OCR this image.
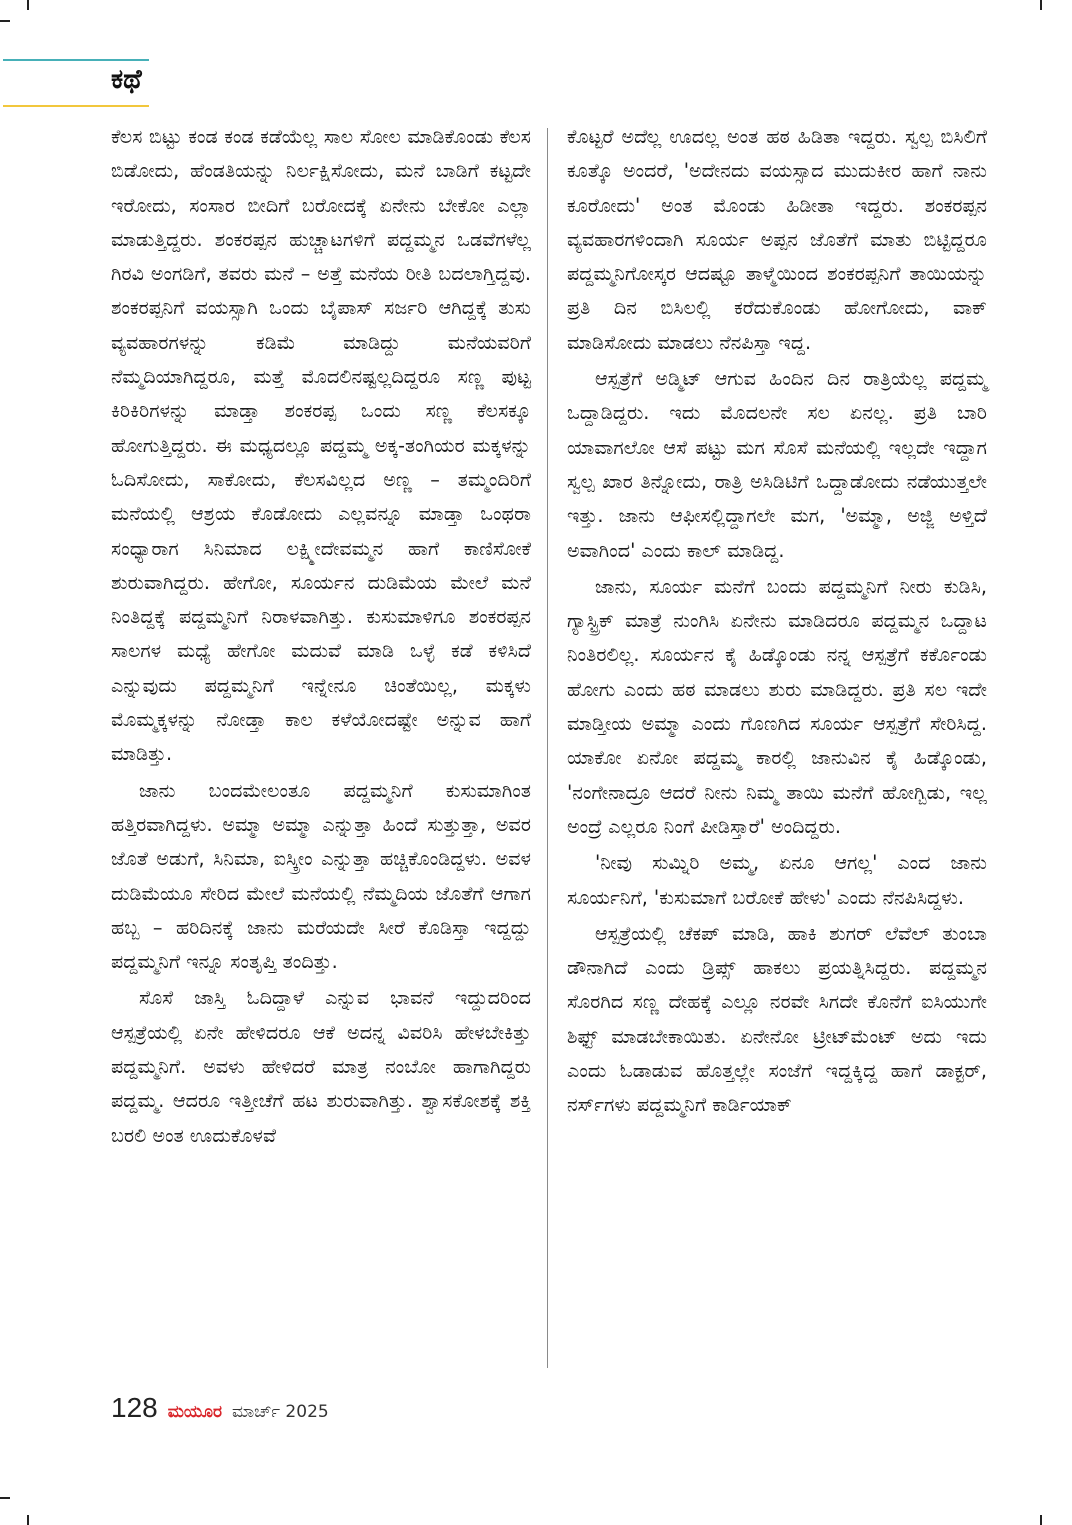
ಕಥೆ

ಕೆಲಸ ಬಿಟ್ಟು ಕಂಡ ಕಂಡ ಕಡೆಯೆಲ್ಲ ಸಾಲ ಸೋಲ ಮಾಡಿಕೊಂಡು ಕೆಲಸ ಬಿಡೋದು, ಹೆಂಡತಿಯನ್ನು ನಿರ್ಲಕ್ಷಿಸೋದು, ಮನೆ ಬಾಡಿಗೆ ಕಟ್ಟದೇ ಇರೋದು, ಸಂಸಾರ ಬೀದಿಗೆ ಬರೋದಕ್ಕೆ ಏನೇನು ಬೇಕೋ ಎಲ್ಲಾ ಮಾಡುತ್ತಿದ್ದರು. ಶಂಕರಪ್ಪನ ಹುಚ್ಚಾಟಗಳಿಗೆ ಪದ್ದಮ್ಮನ ಒಡವೆಗಳೆಲ್ಲ ಗಿರವಿ ಅಂಗಡಿಗೆ, ತವರು ಮನೆ – ಅತ್ತೆ ಮನೆಯ ರೀತಿ ಬದಲಾಗ್ತಿದ್ದವು. ಶಂಕರಪ್ಪನಿಗೆ ವಯಸ್ಸಾಗಿ ಒಂದು ಬೈಪಾಸ್ ಸರ್ಜರಿ ಆಗಿದ್ದಕ್ಕೆ ತುಸು ವ್ಯವಹಾರಗಳನ್ನು ಕಡಿಮೆ ಮಾಡಿದ್ದು ಮನೆಯವರಿಗೆ ನೆಮ್ಮದಿಯಾಗಿದ್ದರೂ, ಮತ್ತೆ ಮೊದಲಿನಷ್ಟಲ್ಲದಿದ್ದರೂ ಸಣ್ಣ ಪುಟ್ಟ ಕಿರಿಕಿರಿಗಳನ್ನು ಮಾಡ್ತಾ ಶಂಕರಪ್ಪ ಒಂದು ಸಣ್ಣ ಕೆಲಸಕ್ಕೂ ಹೋಗುತ್ತಿದ್ದರು. ಈ ಮಧ್ಯದಲ್ಲೂ ಪದ್ದಮ್ಮ ಅಕ್ಕ-ತಂಗಿಯರ ಮಕ್ಕಳನ್ನು ಓದಿಸೋದು, ಸಾಕೋದು, ಕೆಲಸವಿಲ್ಲದ ಅಣ್ಣ – ತಮ್ಮಂದಿರಿಗೆ ಮನೆಯಲ್ಲಿ ಆಶ್ರಯ ಕೊಡೋದು ಎಲ್ಲವನ್ನೂ ಮಾಡ್ತಾ ಒಂಥರಾ ಸಂಧ್ಯಾರಾಗ ಸಿನಿಮಾದ ಲಕ್ಷ್ಮೀದೇವಮ್ಮನ ಹಾಗೆ ಕಾಣಿಸೋಕೆ ಶುರುವಾಗಿದ್ದರು. ಹೇಗೋ, ಸೂರ್ಯನ ದುಡಿಮೆಯ ಮೇಲೆ ಮನೆ ನಿಂತಿದ್ದಕ್ಕೆ ಪದ್ದಮ್ಮನಿಗೆ ನಿರಾಳವಾಗಿತ್ತು. ಕುಸುಮಾಳಿಗೂ ಶಂಕರಪ್ಪನ ಸಾಲಗಳ ಮಧ್ಯೆ ಹೇಗೋ ಮದುವೆ ಮಾಡಿ ಒಳ್ಳೆ ಕಡೆ ಕಳಿಸಿದೆ ಎನ್ನುವುದು ಪದ್ದಮ್ಮನಿಗೆ ಇನ್ನೇನೂ ಚಿಂತೆಯಿಲ್ಲ, ಮಕ್ಕಳು ಮೊಮ್ಮಕ್ಕಳನ್ನು ನೋಡ್ತಾ ಕಾಲ ಕಳೆಯೋದಷ್ಟೇ ಅನ್ನುವ ಹಾಗೆ ಮಾಡಿತ್ತು.

ಜಾನು ಬಂದಮೇಲಂತೂ ಪದ್ದಮ್ಮನಿಗೆ ಕುಸುಮಾಗಿಂತ ಹತ್ತಿರವಾಗಿದ್ದಳು. ಅಮ್ಮಾ ಅಮ್ಮಾ ಎನ್ನುತ್ತಾ ಹಿಂದೆ ಸುತ್ತುತ್ತಾ, ಅವರ ಜೊತೆ ಅಡುಗೆ, ಸಿನಿಮಾ, ಐಸ್ಕ್ರೀಂ ಎನ್ನುತ್ತಾ ಹಚ್ಚಿಕೊಂಡಿದ್ದಳು. ಅವಳ ದುಡಿಮೆಯೂ ಸೇರಿದ ಮೇಲೆ ಮನೆಯಲ್ಲಿ ನೆಮ್ಮದಿಯ ಜೊತೆಗೆ ಆಗಾಗ ಹಬ್ಬ – ಹರಿದಿನಕ್ಕೆ ಜಾನು ಮರೆಯದೇ ಸೀರೆ ಕೊಡಿಸ್ತಾ ಇದ್ದದ್ದು ಪದ್ದಮ್ಮನಿಗೆ ಇನ್ನೂ ಸಂತೃಪ್ತಿ ತಂದಿತ್ತು.

ಸೊಸೆ ಜಾಸ್ತಿ ಓದಿದ್ದಾಳೆ ಎನ್ನುವ ಭಾವನೆ ಇದ್ದುದರಿಂದ ಆಸ್ಪತ್ರೆಯಲ್ಲಿ ಏನೇ ಹೇಳಿದರೂ ಆಕೆ ಅದನ್ನ ವಿವರಿಸಿ ಹೇಳಬೇಕಿತ್ತು ಪದ್ದಮ್ಮನಿಗೆ. ಅವಳು ಹೇಳಿದರೆ ಮಾತ್ರ ನಂಬೋ ಹಾಗಾಗಿದ್ದರು ಪದ್ದಮ್ಮ. ಆದರೂ ಇತ್ತೀಚೆಗೆ ಹಟ ಶುರುವಾಗಿತ್ತು. ಶ್ವಾಸಕೋಶಕ್ಕೆ ಶಕ್ತಿ ಬರಲಿ ಅಂತ ಊದುಕೊಳವೆ

ಕೊಟ್ಟರೆ ಅದೆಲ್ಲ ಊದಲ್ಲ ಅಂತ ಹಠ ಹಿಡಿತಾ ಇದ್ದರು. ಸ್ವಲ್ಪ ಬಿಸಿಲಿಗೆ ಕೂತ್ಕೊ ಅಂದರೆ, 'ಅದೇನದು ವಯಸ್ಸಾದ ಮುದುಕೀರ ಹಾಗೆ ನಾನು ಕೂರೋದು' ಅಂತ ಮೊಂಡು ಹಿಡೀತಾ ಇದ್ದರು. ಶಂಕರಪ್ಪನ ವ್ಯವಹಾರಗಳಿಂದಾಗಿ ಸೂರ್ಯ ಅಪ್ಪನ ಜೊತೆಗೆ ಮಾತು ಬಿಟ್ಟಿದ್ದರೂ ಪದ್ದಮ್ಮನಿಗೋಸ್ಕರ ಆದಷ್ಟೂ ತಾಳ್ಮೆಯಿಂದ ಶಂಕರಪ್ಪನಿಗೆ ತಾಯಿಯನ್ನು ಪ್ರತಿ ದಿನ ಬಿಸಿಲಲ್ಲಿ ಕರೆದುಕೊಂಡು ಹೋಗೋದು, ವಾಕ್ ಮಾಡಿಸೋದು ಮಾಡಲು ನೆನಪಿಸ್ತಾ ಇದ್ದ.

ಆಸ್ಪತ್ರೆಗೆ ಅಡ್ಮಿಟ್ ಆಗುವ ಹಿಂದಿನ ದಿನ ರಾತ್ರಿಯೆಲ್ಲ ಪದ್ದಮ್ಮ ಒದ್ದಾಡಿದ್ದರು. ಇದು ಮೊದಲನೇ ಸಲ ಏನಲ್ಲ. ಪ್ರತಿ ಬಾರಿ ಯಾವಾಗಲೋ ಆಸೆ ಪಟ್ಟು ಮಗ ಸೊಸೆ ಮನೆಯಲ್ಲಿ ಇಲ್ಲದೇ ಇದ್ದಾಗ ಸ್ವಲ್ಪ ಖಾರ ತಿನ್ನೋದು, ರಾತ್ರಿ ಅಸಿಡಿಟಿಗೆ ಒದ್ದಾಡೋದು ನಡೆಯುತ್ತಲೇ ಇತ್ತು. ಜಾನು ಆಫೀಸಲ್ಲಿದ್ದಾಗಲೇ ಮಗ, 'ಅಮ್ಮಾ, ಅಜ್ಜಿ ಅಳ್ತಿದೆ ಅವಾಗಿಂದ' ಎಂದು ಕಾಲ್ ಮಾಡಿದ್ದ.

ಜಾನು, ಸೂರ್ಯ ಮನೆಗೆ ಬಂದು ಪದ್ದಮ್ಮನಿಗೆ ನೀರು ಕುಡಿಸಿ, ಗ್ಯಾಸ್ಟ್ರಿಕ್ ಮಾತ್ರೆ ನುಂಗಿಸಿ ಏನೇನು ಮಾಡಿದರೂ ಪದ್ದಮ್ಮನ ಒದ್ದಾಟ ನಿಂತಿರಲಿಲ್ಲ. ಸೂರ್ಯನ ಕೈ ಹಿಡ್ಕೊಂಡು ನನ್ನ ಆಸ್ಪತ್ರೆಗೆ ಕರ್ಕೊಂಡು ಹೋಗು ಎಂದು ಹಠ ಮಾಡಲು ಶುರು ಮಾಡಿದ್ದರು. ಪ್ರತಿ ಸಲ ಇದೇ ಮಾಡ್ತೀಯ ಅಮ್ಮಾ ಎಂದು ಗೊಣಗಿದ ಸೂರ್ಯ ಆಸ್ಪತ್ರೆಗೆ ಸೇರಿಸಿದ್ದ. ಯಾಕೋ ಏನೋ ಪದ್ದಮ್ಮ ಕಾರಲ್ಲಿ ಜಾನುವಿನ ಕೈ ಹಿಡ್ಕೊಂಡು, 'ನಂಗೇನಾದ್ರೂ ಆದರೆ ನೀನು ನಿಮ್ಮ ತಾಯಿ ಮನೆಗೆ ಹೋಗ್ಬಿಡು, ಇಲ್ಲ ಅಂದ್ರೆ ಎಲ್ಲರೂ ನಿಂಗೆ ಪೀಡಿಸ್ತಾರೆ' ಅಂದಿದ್ದರು.

'ನೀವು ಸುಮ್ನಿರಿ ಅಮ್ಮ, ಏನೂ ಆಗಲ್ಲ' ಎಂದ ಜಾನು ಸೂರ್ಯನಿಗೆ, 'ಕುಸುಮಾಗೆ ಬರೋಕೆ ಹೇಳು' ಎಂದು ನೆನಪಿಸಿದ್ದಳು.

ಆಸ್ಪತ್ರೆಯಲ್ಲಿ ಚೆಕಪ್ ಮಾಡಿ, ಹಾಕಿ ಶುಗರ್ ಲೆವೆಲ್ ತುಂಬಾ ಡೌನಾಗಿದೆ ಎಂದು ಡ್ರಿಪ್ಸ್ ಹಾಕಲು ಪ್ರಯತ್ನಿಸಿದ್ದರು. ಪದ್ದಮ್ಮನ ಸೊರಗಿದ ಸಣ್ಣ ದೇಹಕ್ಕೆ ಎಲ್ಲೂ ನರವೇ ಸಿಗದೇ ಕೊನೆಗೆ ಐಸಿಯುಗೇ ಶಿಫ್ಟ್ ಮಾಡಬೇಕಾಯಿತು. ಏನೇನೋ ಟ್ರೀಟ್‌ಮೆಂಟ್ ಅದು ಇದು ಎಂದು ಓಡಾಡುವ ಹೊತ್ತಲ್ಲೇ ಸಂಜೆಗೆ ಇದ್ದಕ್ಕಿದ್ದ ಹಾಗೆ ಡಾಕ್ಟರ್, ನರ್ಸ್‌ಗಳು ಪದ್ದಮ್ಮನಿಗೆ ಕಾರ್ಡಿಯಾಕ್

128 ಮಯೂರ ಮಾರ್ಚ್ 2025
